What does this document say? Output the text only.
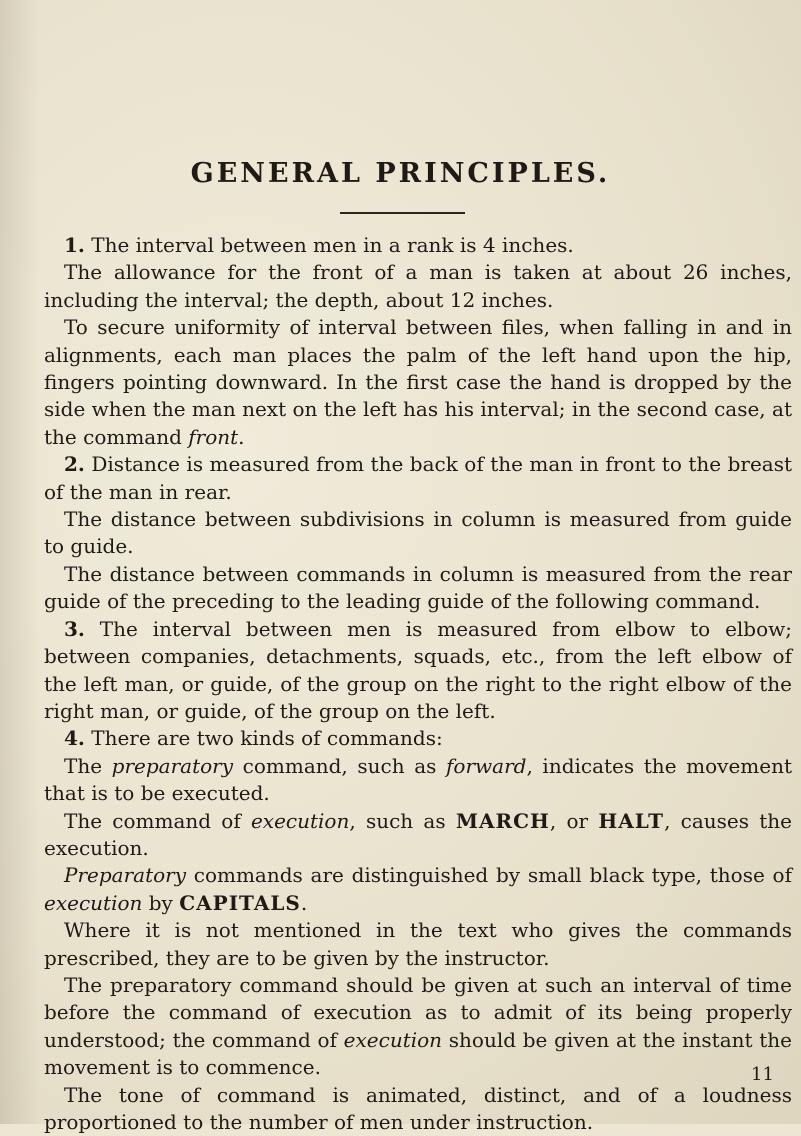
GENERAL PRINCIPLES.

1. The interval between men in a rank is 4 inches.

The allowance for the front of a man is taken at about 26 inches, including the interval; the depth, about 12 inches.

To secure uniformity of interval between files, when falling in and in alignments, each man places the palm of the left hand upon the hip, fingers pointing downward. In the first case the hand is dropped by the side when the man next on the left has his interval; in the second case, at the command front.

2. Distance is measured from the back of the man in front to the breast of the man in rear.

The distance between subdivisions in column is measured from guide to guide.

The distance between commands in column is measured from the rear guide of the preceding to the leading guide of the following command.

3. The interval between men is measured from elbow to elbow; between companies, detachments, squads, etc., from the left elbow of the left man, or guide, of the group on the right to the right elbow of the right man, or guide, of the group on the left.

4. There are two kinds of commands:

The preparatory command, such as forward, indicates the movement that is to be executed.

The command of execution, such as MARCH, or HALT, causes the execution.

Preparatory commands are distinguished by small black type, those of execution by CAPITALS.

Where it is not mentioned in the text who gives the commands prescribed, they are to be given by the instructor.

The preparatory command should be given at such an interval of time before the command of execution as to admit of its being properly understood; the command of execution should be given at the instant the movement is to commence.

The tone of command is animated, distinct, and of a loudness proportioned to the number of men under instruction.

11
